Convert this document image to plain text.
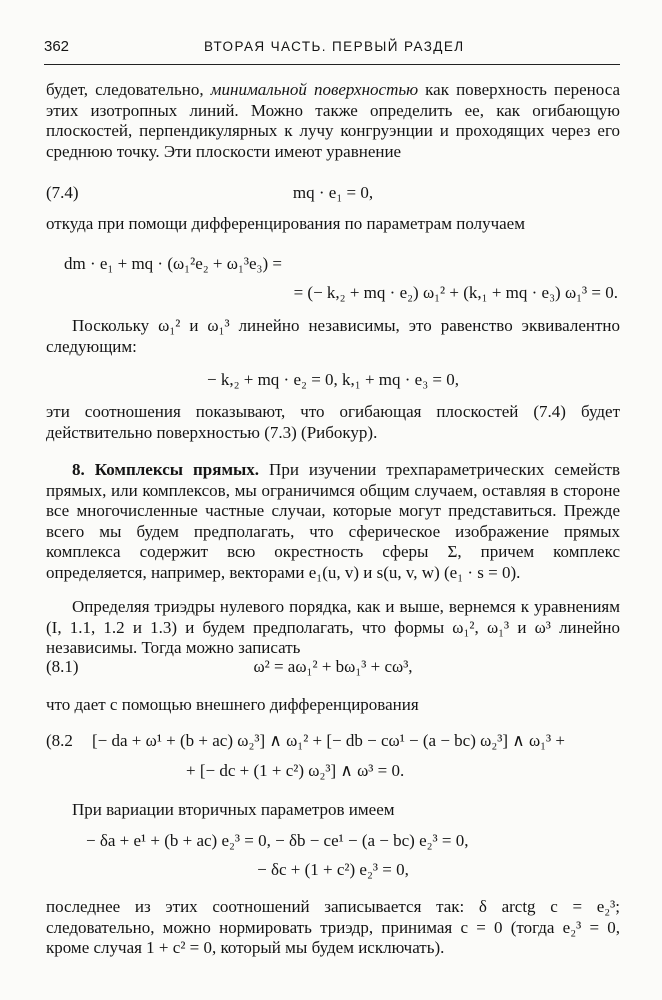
362	ВТОРАЯ ЧАСТЬ. ПЕРВЫЙ РАЗДЕЛ

будет, следовательно, минимальной поверхностью как поверхность переноса этих изотропных линий. Можно также определить ее, как огибающую плоскостей, перпендикулярных к лучу конгруэнции и проходящих через его среднюю точку. Эти плоскости имеют уравнение

(7.4)	mq · e₁ = 0,

откуда при помощи дифференцирования по параметрам получаем

dm · e₁ + mq · (ω₁²e₂ + ω₁³e₃) =
= (− k,₂ + mq · e₂) ω₁² + (k,₁ + mq · e₃) ω₁³ = 0.

Поскольку ω₁² и ω₁³ линейно независимы, это равенство эквивалентно следующим:

− k,₂ + mq · e₂ = 0, k,₁ + mq · e₃ = 0,

эти соотношения показывают, что огибающая плоскостей (7.4) будет действительно поверхностью (7.3) (Рибокур).

8. Комплексы прямых. При изучении трехпараметрических семейств прямых, или комплексов, мы ограничимся общим случаем, оставляя в стороне все многочисленные частные случаи, которые могут представиться. Прежде всего мы будем предполагать, что сферическое изображение прямых комплекса содержит всю окрестность сферы Σ, причем комплекс определяется, например, векторами e₁(u, v) и s(u, v, w) (e₁ · s = 0).

Определяя триэдры нулевого порядка, как и выше, вернемся к уравнениям (I, 1.1, 1.2 и 1.3) и будем предполагать, что формы ω₁², ω₁³ и ω³ линейно независимы. Тогда можно записать

(8.1)	ω² = aω₁² + bω₁³ + cω³,

что дает с помощью внешнего дифференцирования

(8.2 [− da + ω¹ + (b + ac) ω₂³] ∧ ω₁² + [− db − cω¹ − (a − bc) ω₂³] ∧ ω₁³ +
+ [− dc + (1 + c²) ω₂³] ∧ ω³ = 0.

При вариации вторичных параметров имеем

− δa + e¹ + (b + ac) e₂³ = 0, − δb − ce¹ − (a − bc) e₂³ = 0,
− δc + (1 + c²) e₂³ = 0,

последнее из этих соотношений записывается так: δ arctg c = e₂³; следовательно, можно нормировать триэдр, принимая c = 0 (тогда e₂³ = 0, кроме случая 1 + c² = 0, который мы будем исключать).
